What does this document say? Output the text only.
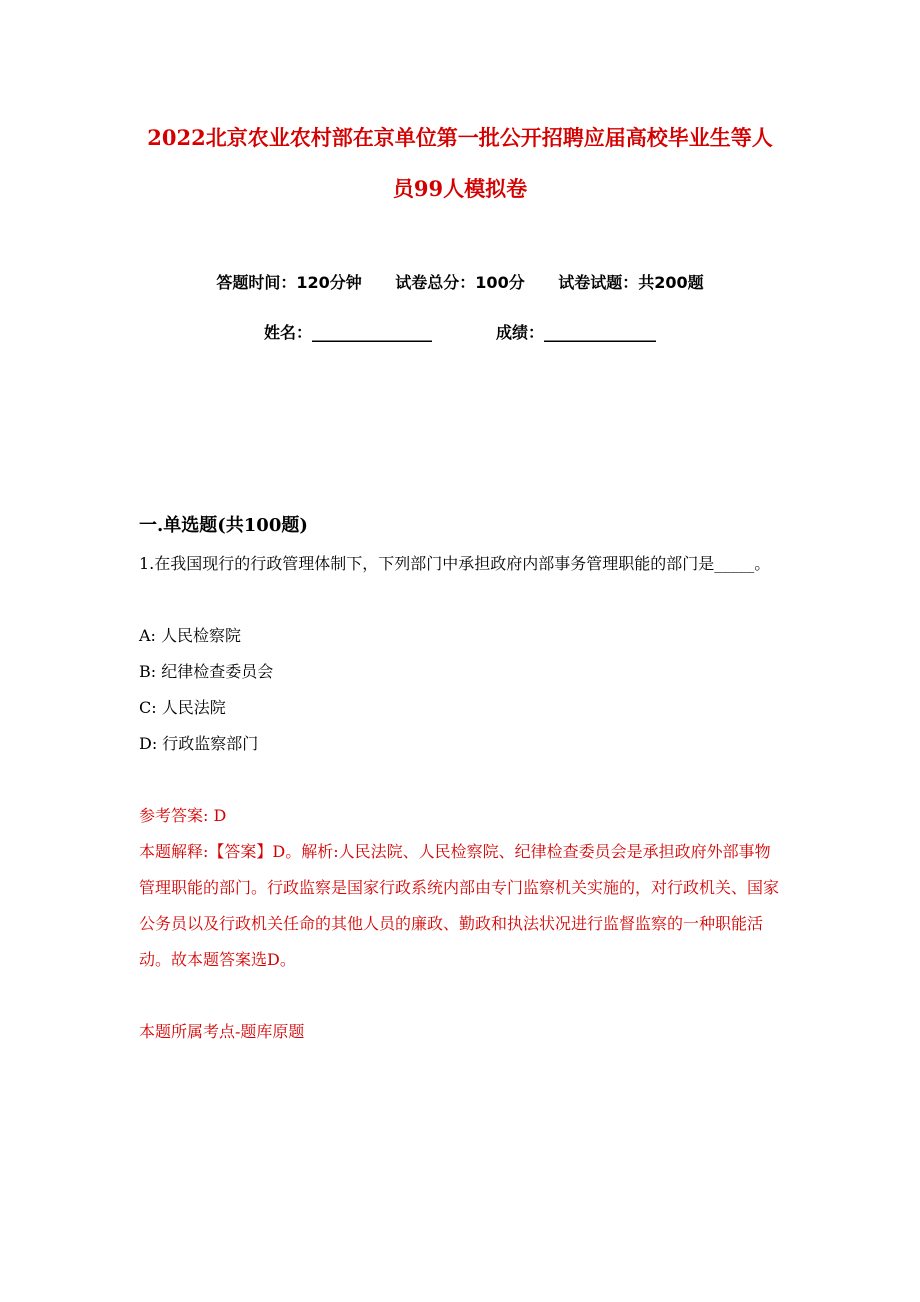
2022北京农业农村部在京单位第一批公开招聘应届高校毕业生等人
员99人模拟卷
答题时间：120分钟 试卷总分：100分 试卷试题：共200题
姓名：_______________	成绩：______________
一.单选题(共100题)
1.在我国现行的行政管理体制下，下列部门中承担政府内部事务管理职能的部门是_____。
A: 人民检察院
B: 纪律检查委员会
C: 人民法院
D: 行政监察部门
参考答案: D
本题解释:【答案】D。解析:人民法院、人民检察院、纪律检查委员会是承担政府外部事物管理职能的部门。行政监察是国家行政系统内部由专门监察机关实施的，对行政机关、国家公务员以及行政机关任命的其他人员的廉政、勤政和执法状况进行监督监察的一种职能活动。故本题答案选D。
本题所属考点-题库原题
